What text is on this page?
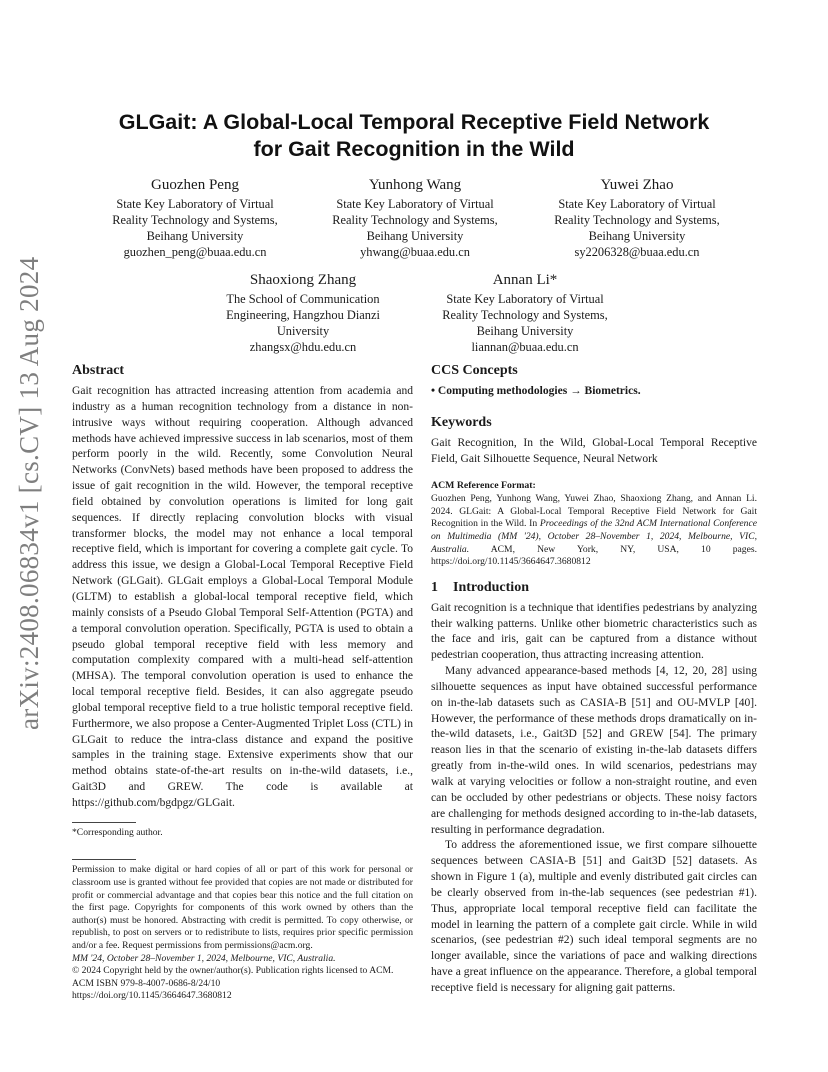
arXiv:2408.06834v1 [cs.CV] 13 Aug 2024
GLGait: A Global-Local Temporal Receptive Field Network
for Gait Recognition in the Wild
Guozhen Peng
State Key Laboratory of Virtual
Reality Technology and Systems,
Beihang University
guozhen_peng@buaa.edu.cn
Yunhong Wang
State Key Laboratory of Virtual
Reality Technology and Systems,
Beihang University
yhwang@buaa.edu.cn
Yuwei Zhao
State Key Laboratory of Virtual
Reality Technology and Systems,
Beihang University
sy2206328@buaa.edu.cn
Shaoxiong Zhang
The School of Communication
Engineering, Hangzhou Dianzi
University
zhangsx@hdu.edu.cn
Annan Li*
State Key Laboratory of Virtual
Reality Technology and Systems,
Beihang University
liannan@buaa.edu.cn
Abstract

Gait recognition has attracted increasing attention from academia and industry as a human recognition technology from a distance in non-intrusive ways without requiring cooperation. Although advanced methods have achieved impressive success in lab scenarios, most of them perform poorly in the wild. Recently, some Convolution Neural Networks (ConvNets) based methods have been proposed to address the issue of gait recognition in the wild. However, the temporal receptive field obtained by convolution operations is limited for long gait sequences. If directly replacing convolution blocks with visual transformer blocks, the model may not enhance a local temporal receptive field, which is important for covering a complete gait cycle. To address this issue, we design a Global-Local Temporal Receptive Field Network (GLGait). GLGait employs a Global-Local Temporal Module (GLTM) to establish a global-local temporal receptive field, which mainly consists of a Pseudo Global Temporal Self-Attention (PGTA) and a temporal convolution operation. Specifically, PGTA is used to obtain a pseudo global temporal receptive field with less memory and computation complexity compared with a multi-head self-attention (MHSA). The temporal convolution operation is used to enhance the local temporal receptive field. Besides, it can also aggregate pseudo global temporal receptive field to a true holistic temporal receptive field. Furthermore, we also propose a Center-Augmented Triplet Loss (CTL) in GLGait to reduce the intra-class distance and expand the positive samples in the training stage. Extensive experiments show that our method obtains state-of-the-art results on in-the-wild datasets, i.e., Gait3D and GREW. The code is available at https://github.com/bgdpgz/GLGait.

*Corresponding author.

Permission to make digital or hard copies of all or part of this work for personal or classroom use is granted without fee provided that copies are not made or distributed for profit or commercial advantage and that copies bear this notice and the full citation on the first page. Copyrights for components of this work owned by others than the author(s) must be honored. Abstracting with credit is permitted. To copy otherwise, or republish, to post on servers or to redistribute to lists, requires prior specific permission and/or a fee. Request permissions from permissions@acm.org.

MM '24, October 28–November 1, 2024, Melbourne, VIC, Australia.
© 2024 Copyright held by the owner/author(s). Publication rights licensed to ACM.
ACM ISBN 979-8-4007-0686-8/24/10
https://doi.org/10.1145/3664647.3680812
CCS Concepts
• Computing methodologies → Biometrics.
Keywords

Gait Recognition, In the Wild, Global-Local Temporal Receptive Field, Gait Silhouette Sequence, Neural Network

ACM Reference Format:

Guozhen Peng, Yunhong Wang, Yuwei Zhao, Shaoxiong Zhang, and Annan Li. 2024. GLGait: A Global-Local Temporal Receptive Field Network for Gait Recognition in the Wild. In Proceedings of the 32nd ACM International Conference on Multimedia (MM '24), October 28–November 1, 2024, Melbourne, VIC, Australia. ACM, New York, NY, USA, 10 pages. https://doi.org/10.1145/3664647.3680812

1 Introduction

Gait recognition is a technique that identifies pedestrians by analyzing their walking patterns. Unlike other biometric characteristics such as the face and iris, gait can be captured from a distance without pedestrian cooperation, thus attracting increasing attention.

Many advanced appearance-based methods [4, 12, 20, 28] using silhouette sequences as input have obtained successful performance on in-the-lab datasets such as CASIA-B [51] and OU-MVLP [40]. However, the performance of these methods drops dramatically on in-the-wild datasets, i.e., Gait3D [52] and GREW [54]. The primary reason lies in that the scenario of existing in-the-lab datasets differs greatly from in-the-wild ones. In wild scenarios, pedestrians may walk at varying velocities or follow a non-straight routine, and even can be occluded by other pedestrians or objects. These noisy factors are challenging for methods designed according to in-the-lab datasets, resulting in performance degradation.

To address the aforementioned issue, we first compare silhouette sequences between CASIA-B [51] and Gait3D [52] datasets. As shown in Figure 1 (a), multiple and evenly distributed gait circles can be clearly observed from in-the-lab sequences (see pedestrian #1). Thus, appropriate local temporal receptive field can facilitate the model in learning the pattern of a complete gait circle. While in wild scenarios, (see pedestrian #2) such ideal temporal segments are no longer available, since the variations of pace and walking directions have a great influence on the appearance. Therefore, a global temporal receptive field is necessary for aligning gait patterns.
